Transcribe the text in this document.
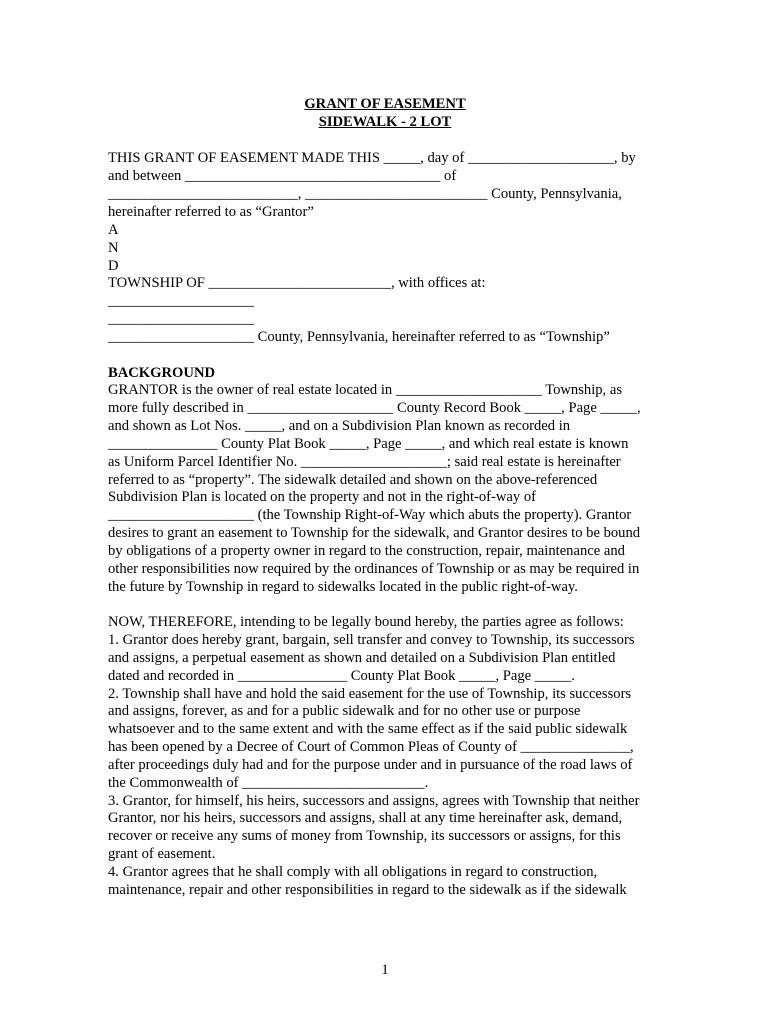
GRANT OF EASEMENT
SIDEWALK - 2 LOT
THIS GRANT OF EASEMENT MADE THIS _____, day of ____________________, by
and between ___________________________________ of
__________________________, _________________________ County, Pennsylvania,
hereinafter referred to as “Grantor”
A
N
D
TOWNSHIP OF _________________________, with offices at:
____________________
____________________
____________________ County, Pennsylvania, hereinafter referred to as “Township”
BACKGROUND
GRANTOR is the owner of real estate located in ____________________ Township, as
more fully described in ____________________ County Record Book _____, Page _____,
and shown as Lot Nos. _____, and on a Subdivision Plan known as recorded in
_______________ County Plat Book _____, Page _____, and which real estate is known
as Uniform Parcel Identifier No. ____________________; said real estate is hereinafter
referred to as “property”. The sidewalk detailed and shown on the above-referenced
Subdivision Plan is located on the property and not in the right-of-way of
____________________ (the Township Right-of-Way which abuts the property). Grantor
desires to grant an easement to Township for the sidewalk, and Grantor desires to be bound
by obligations of a property owner in regard to the construction, repair, maintenance and
other responsibilities now required by the ordinances of Township or as may be required in
the future by Township in regard to sidewalks located in the public right-of-way.
NOW, THEREFORE, intending to be legally bound hereby, the parties agree as follows:
1. Grantor does hereby grant, bargain, sell transfer and convey to Township, its successors
and assigns, a perpetual easement as shown and detailed on a Subdivision Plan entitled
dated and recorded in _______________ County Plat Book _____, Page _____.
2. Township shall have and hold the said easement for the use of Township, its successors
and assigns, forever, as and for a public sidewalk and for no other use or purpose
whatsoever and to the same extent and with the same effect as if the said public sidewalk
has been opened by a Decree of Court of Common Pleas of County of _______________,
after proceedings duly had and for the purpose under and in pursuance of the road laws of
the Commonwealth of _________________________.
3. Grantor, for himself, his heirs, successors and assigns, agrees with Township that neither
Grantor, nor his heirs, successors and assigns, shall at any time hereinafter ask, demand,
recover or receive any sums of money from Township, its successors or assigns, for this
grant of easement.
4. Grantor agrees that he shall comply with all obligations in regard to construction,
maintenance, repair and other responsibilities in regard to the sidewalk as if the sidewalk
1
